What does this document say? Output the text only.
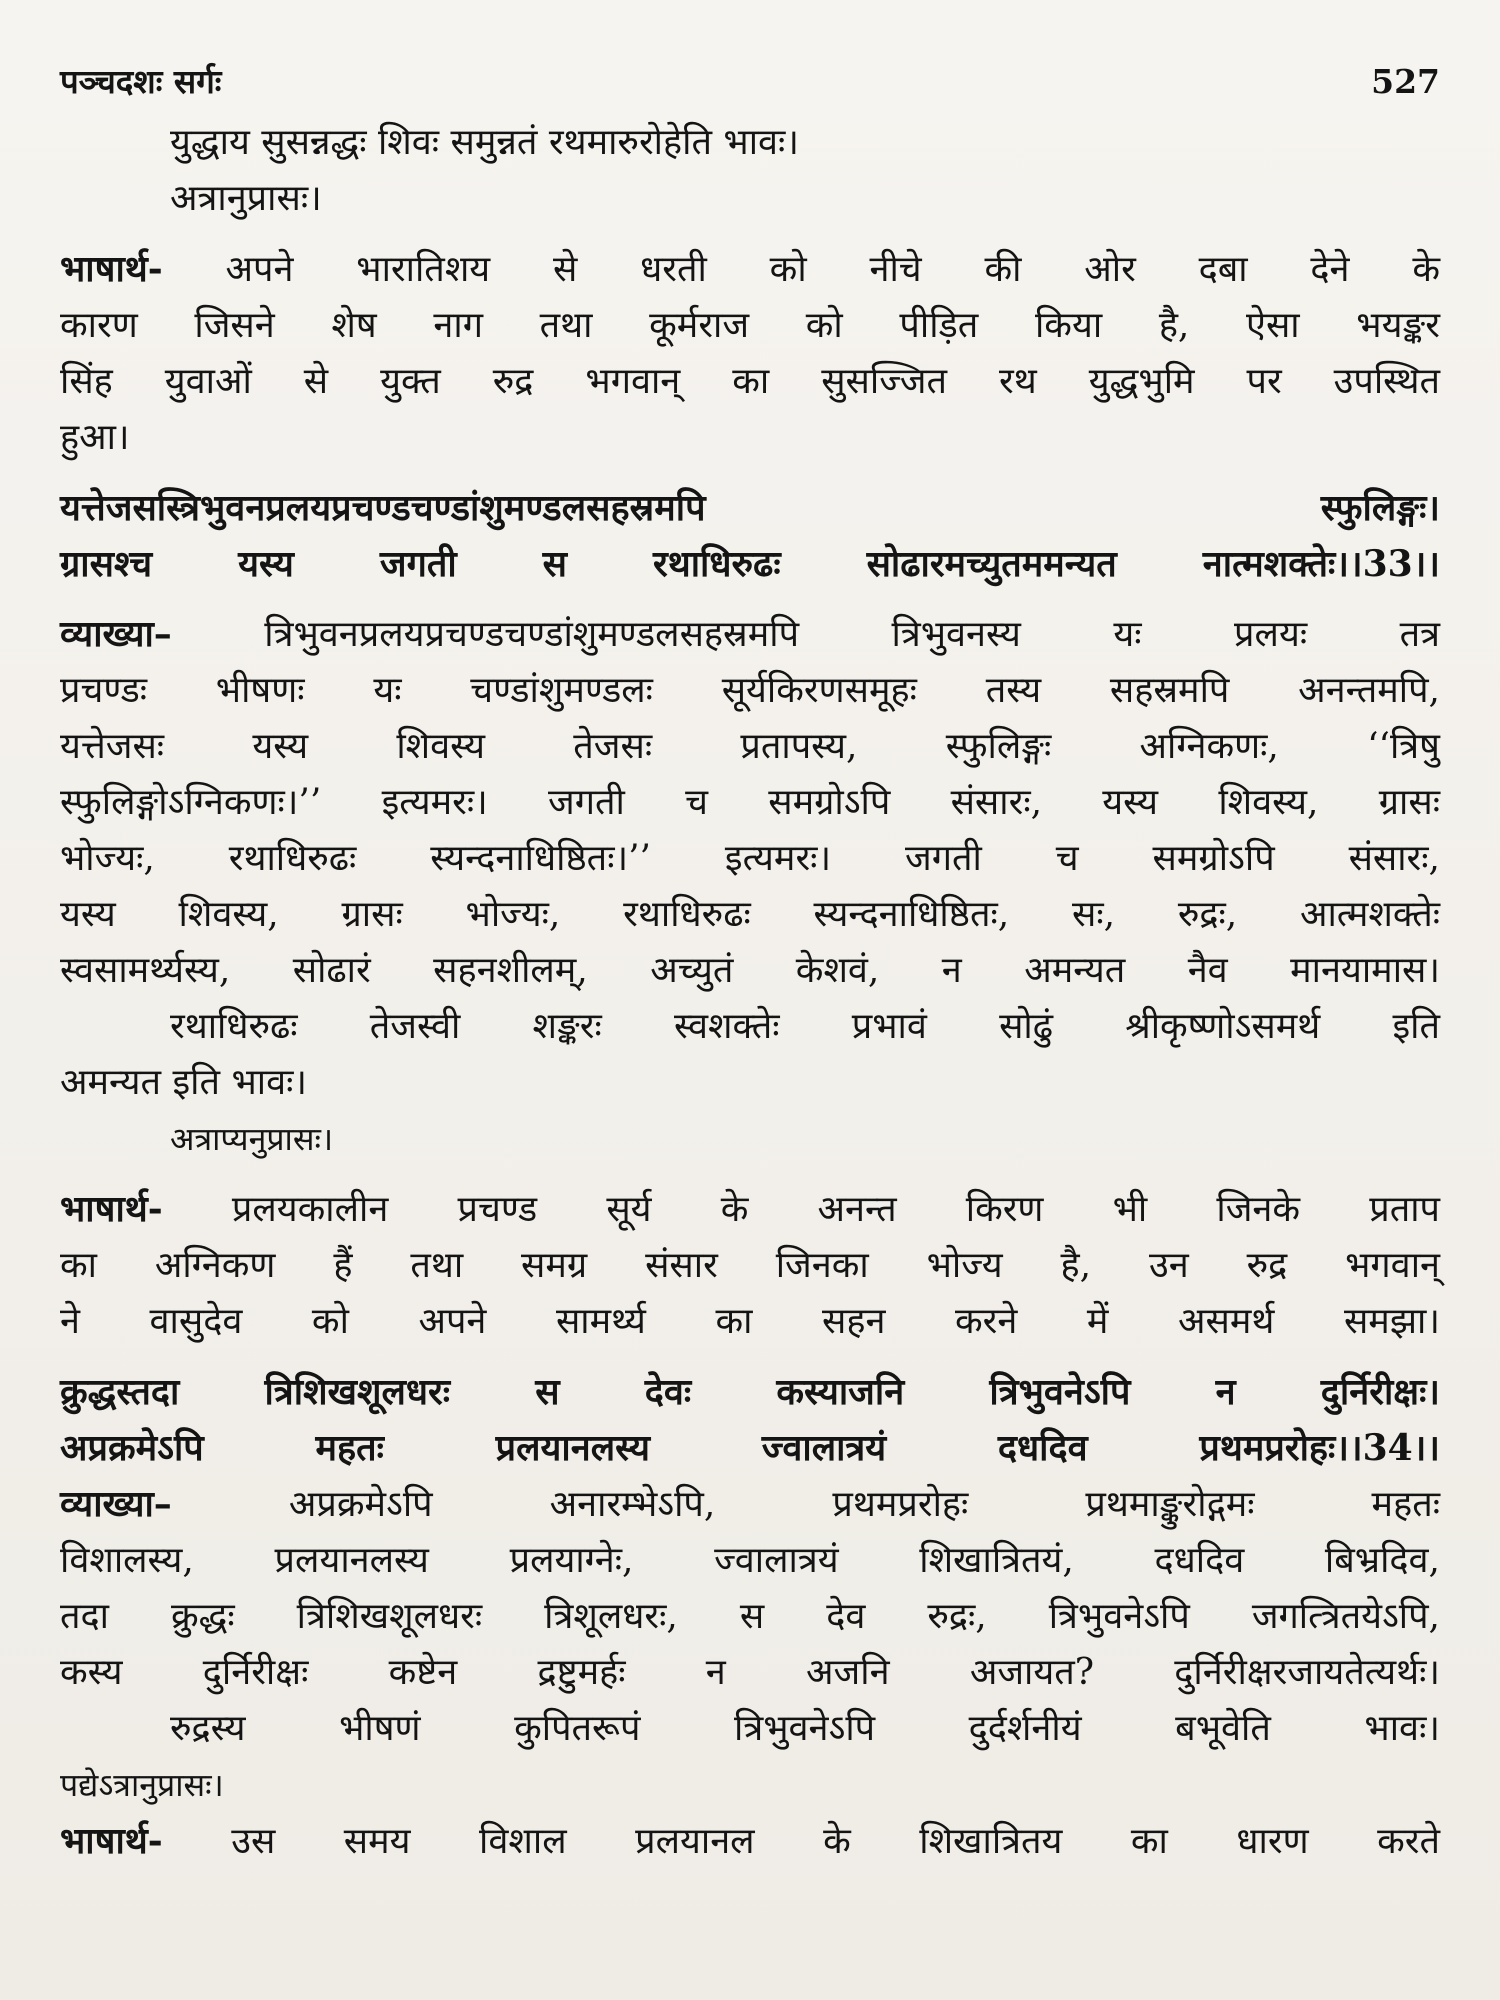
पञ्चदशः सर्गः	527
युद्धाय सुसन्नद्धः शिवः समुन्नतं रथमारुरोहेति भावः।
अत्रानुप्रासः।
भाषार्थ- अपने भारातिशय से धरती को नीचे की ओर दबा देने के
कारण जिसने शेष नाग तथा कूर्मराज को पीड़ित किया है, ऐसा भयङ्कर
सिंह युवाओं से युक्त रुद्र भगवान् का सुसज्जित रथ युद्धभुमि पर उपस्थित
हुआ।
यत्तेजसस्त्रिभुवनप्रलयप्रचण्डचण्डांशुमण्डलसहस्रमपि स्फुलिङ्गः।
ग्रासश्च यस्य जगती स रथाधिरुढः सोढारमच्युतममन्यत नात्मशक्तेः।।33।।
व्याख्या–	त्रिभुवनप्रलयप्रचण्डचण्डांशुमण्डलसहस्रमपि त्रिभुवनस्य यः प्रलयः तत्र
प्रचण्डः भीषणः यः चण्डांशुमण्डलः सूर्यकिरणसमूहः तस्य सहस्रमपि अनन्तमपि,
यत्तेजसः यस्य शिवस्य तेजसः प्रतापस्य, स्फुलिङ्गः अग्निकणः, ‘‘त्रिषु
स्फुलिङ्गोऽग्निकणः।’’ इत्यमरः। जगती च समग्रोऽपि संसारः, यस्य शिवस्य, ग्रासः
भोज्यः, रथाधिरुढः स्यन्दनाधिष्ठितः।’’ इत्यमरः। जगती च समग्रोऽपि संसारः,
यस्य शिवस्य, ग्रासः भोज्यः, रथाधिरुढः स्यन्दनाधिष्ठितः, सः, रुद्रः, आत्मशक्तेः
स्वसामर्थ्यस्य, सोढारं सहनशीलम्, अच्युतं केशवं, न अमन्यत नैव मानयामास।
रथाधिरुढः तेजस्वी शङ्करः स्वशक्तेः प्रभावं सोढुं श्रीकृष्णोऽसमर्थ इति
अमन्यत इति भावः।
अत्राप्यनुप्रासः।
भाषार्थ- प्रलयकालीन प्रचण्ड सूर्य के अनन्त किरण भी जिनके प्रताप
का अग्निकण हैं तथा समग्र संसार जिनका भोज्य है, उन रुद्र भगवान्
ने वासुदेव को अपने सामर्थ्य का सहन करने में असमर्थ समझा।
क्रुद्धस्तदा त्रिशिखशूलधरः स देवः कस्याजनि त्रिभुवनेऽपि न दुर्निरीक्षः।
अप्रक्रमेऽपि महतः प्रलयानलस्य ज्वालात्रयं दधदिव प्रथमप्ररोहः।।34।।
व्याख्या–	अप्रक्रमेऽपि अनारम्भेऽपि, प्रथमप्ररोहः प्रथमाङ्कुरोद्गमः महतः
विशालस्य, प्रलयानलस्य प्रलयाग्नेः, ज्वालात्रयं शिखात्रितयं, दधदिव बिभ्रदिव,
तदा क्रुद्धः त्रिशिखशूलधरः त्रिशूलधरः, स देव रुद्रः, त्रिभुवनेऽपि जगत्त्रितयेऽपि,
कस्य दुर्निरीक्षः कष्टेन द्रष्टुमर्हः न अजनि अजायत? दुर्निरीक्षरजायतेत्यर्थः।
रुद्रस्य भीषणं कुपितरूपं त्रिभुवनेऽपि दुर्दर्शनीयं बभूवेति भावः।
पद्येऽत्रानुप्रासः।
भाषार्थ- उस समय विशाल प्रलयानल के शिखात्रितय का धारण करते
